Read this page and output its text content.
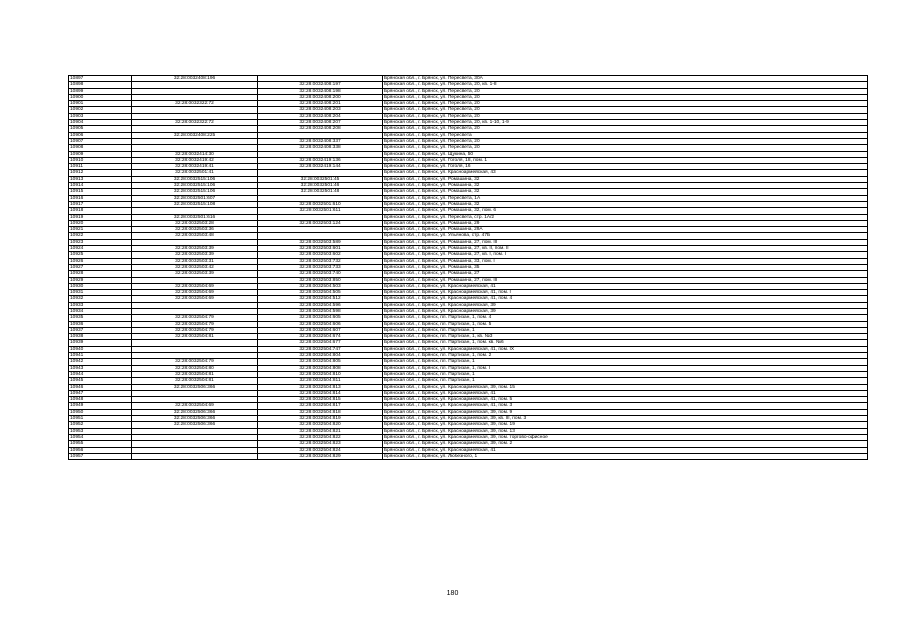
10897	32:28:0032408:196		Брянская обл., г. Брянск, ул. Пересвета, 30А
10898		32:28:0032408:197	Брянская обл., г. Брянск, ул. Пересвета, 20, кв. 1-8
10899		32:28:0032408:198	Брянская обл., г. Брянск, ул. Пересвета, 20
10900		32:28:0032408:200	Брянская обл., г. Брянск, ул. Пересвета, 20
10901	32:28:0032322:72	32:28:0032408:201	Брянская обл., г. Брянск, ул. Пересвета, 20
10902		32:28:0032408:203	Брянская обл., г. Брянск, ул. Пересвета, 20
10903		32:28:0032408:204	Брянская обл., г. Брянск, ул. Пересвета, 20
10904	32:28:0032322:72	32:28:0032408:207	Брянская обл., г. Брянск, ул. Пересвета, 20, кв. 1-10, 1-9
10905		32:28:0032408:208	Брянская обл., г. Брянск, ул. Пересвета, 20
10906	32:28:0032408:225		Брянская обл., г. Брянск, ул. Пересвета
10907		32:28:0032408:337	Брянская обл., г. Брянск, ул. Пересвета, 20
10908		32:28:0032408:338	Брянская обл., г. Брянск, ул. Пересвета, 20
10909	32:28:0032414:30		Брянская обл., г. Брянск, ул. Щукина, 50
10910	32:28:0032419:42	32:28:0032419:136	Брянская обл., г. Брянск, ул. Гоголя, 18, пом. 1
10911	32:28:0032419:41	32:28:0032419:144	Брянская обл., г. Брянск, ул. Гоголя, 16
10912	32:28:0032501:41		Брянская обл., г. Брянск, ул. Красноармейская, 43
10913	32:28:0032515:106	32:28:0032501:45	Брянская обл., г. Брянск, ул. Ромашина, 32
10914	32:28:0032515:106	32:28:0032501:46	Брянская обл., г. Брянск, ул. Ромашина, 32
10915	32:28:0032515:106	32:28:0032501:48	Брянская обл., г. Брянск, ул. Ромашина, 32
10916	32:28:0032501:607		Брянская обл., г. Брянск, ул. Пересвета, 1А
10917	32:28:0032515:108	32:28:0032501:610	Брянская обл., г. Брянск, ул. Ромашина, 32
10918		32:28:0032501:611	Брянская обл., г. Брянск, ул. Ромашина, 32, пом. 6
10919	32:28:0032501:616		Брянская обл., г. Брянск, ул. Пересвета, стр. 1А/2
10920	32:28:0032503:28	32:28:0032503:124	Брянская обл., г. Брянск, ул. Ромашина, 29
10921	32:28:0032503:36		Брянская обл., г. Брянск, ул. Ромашина, 29А
10922	32:28:0032503:48		Брянская обл., г. Брянск, ул. Ульянова, стр. 47Б
10923		32:28:0032503:589	Брянская обл., г. Брянск, ул. Ромашина, 27, пом. III
10924	32:28:0032503:39	32:28:0032503:601	Брянская обл., г. Брянск, ул. Ромашина, 27, кв. II, пом. II
10925	32:28:0032503:39	32:28:0032503:602	Брянская обл., г. Брянск, ул. Ромашина, 27, кв. I, пом. I
10926	32:28:0032503:31	32:28:0032503:732	Брянская обл., г. Брянск, ул. Ромашина, 33, пом. I
10927	32:28:0032503:42	32:28:0032503:733	Брянская обл., г. Брянск, ул. Ромашина, 35
10928	32:28:0032503:39	32:28:0032503:740	Брянская обл., г. Брянск, ул. Ромашина, 27
10929		32:28:0032503:850	Брянская обл., г. Брянск, ул. Ромашина, 27, пом. III
10930	32:28:0032504:69	32:28:0032504:503	Брянская обл., г. Брянск, ул. Красноармейская, 41
10931	32:28:0032504:69	32:28:0032504:505	Брянская обл., г. Брянск, ул. Красноармейская, 41, пом. I
10932	32:28:0032504:69	32:28:0032504:512	Брянская обл., г. Брянск, ул. Красноармейская, 41, пом. 4
10933		32:28:0032504:596	Брянская обл., г. Брянск, ул. Красноармейская, 39
10934		32:28:0032504:598	Брянская обл., г. Брянск, ул. Красноармейская, 39
10935	32:28:0032504:79	32:28:0032504:605	Брянская обл., г. Брянск, пл. Партизан, 1, пом. 4
10936	32:28:0032504:79	32:28:0032504:606	Брянская обл., г. Брянск, пл. Партизан, 1, пом. 5
10937	32:28:0032504:79	32:28:0032504:607	Брянская обл., г. Брянск, пл. Партизан, 1
10938	32:28:0032504:81	32:28:0032504:674	Брянская обл., г. Брянск, пл. Партизан, 1, кв. №3
10939		32:28:0032504:677	Брянская обл., г. Брянск, пл. Партизан, 1, пом. кв. №6
10940		32:28:0032504:747	Брянская обл., г. Брянск, ул. Красноармейская, 41, пом. IX
10941		32:28:0032504:804	Брянская обл., г. Брянск, пл. Партизан, 1, пом. 2
10942	32:28:0032504:79	32:28:0032504:805	Брянская обл., г. Брянск, пл. Партизан, 1
10943	32:28:0032504:80	32:28:0032504:808	Брянская обл., г. Брянск, пл. Партизан, 1, пом. I
10944	32:28:0032504:81	32:28:0032504:810	Брянская обл., г. Брянск, пл. Партизан, 1
10945	32:28:0032504:81	32:28:0032504:811	Брянская обл., г. Брянск, пл. Партизан, 1
10946	32:28:0032506:366	32:28:0032504:813	Брянская обл., г. Брянск, ул. Красноармейская, 39, пом. 15
10947		32:28:0032504:814	Брянская обл., г. Брянск, ул. Красноармейская, 41
10948		32:28:0032504:815	Брянская обл., г. Брянск, ул. Красноармейская, 41, пом. 5
10949	32:28:0032504:69	32:28:0032504:817	Брянская обл., г. Брянск, ул. Красноармейская, 41, пом. 3
10950	32:28:0032506:366	32:28:0032504:818	Брянская обл., г. Брянск, ул. Красноармейская, 39, пом. 9
10951	32:28:0032506:366	32:28:0032504:819	Брянская обл., г. Брянск, ул. Красноармейская, 39, кв. III, пом. 3
10952	32:28:0032506:366	32:28:0032504:820	Брянская обл., г. Брянск, ул. Красноармейская, 39, пом. 19
10953		32:28:0032504:821	Брянская обл., г. Брянск, ул. Красноармейская, 39, пом. 13
10954		32:28:0032504:822	Брянская обл., г. Брянск, ул. Красноармейская, 39, пом. торгово-офисное
10955		32:28:0032504:823	Брянская обл., г. Брянск, ул. Красноармейская, 39, пом. 2
10956		32:28:0032504:824	Брянская обл., г. Брянск, ул. Красноармейская, 41
10957		32:28:0032504:829	Брянская обл., г. Брянск, ул. Любезного, 1
180
